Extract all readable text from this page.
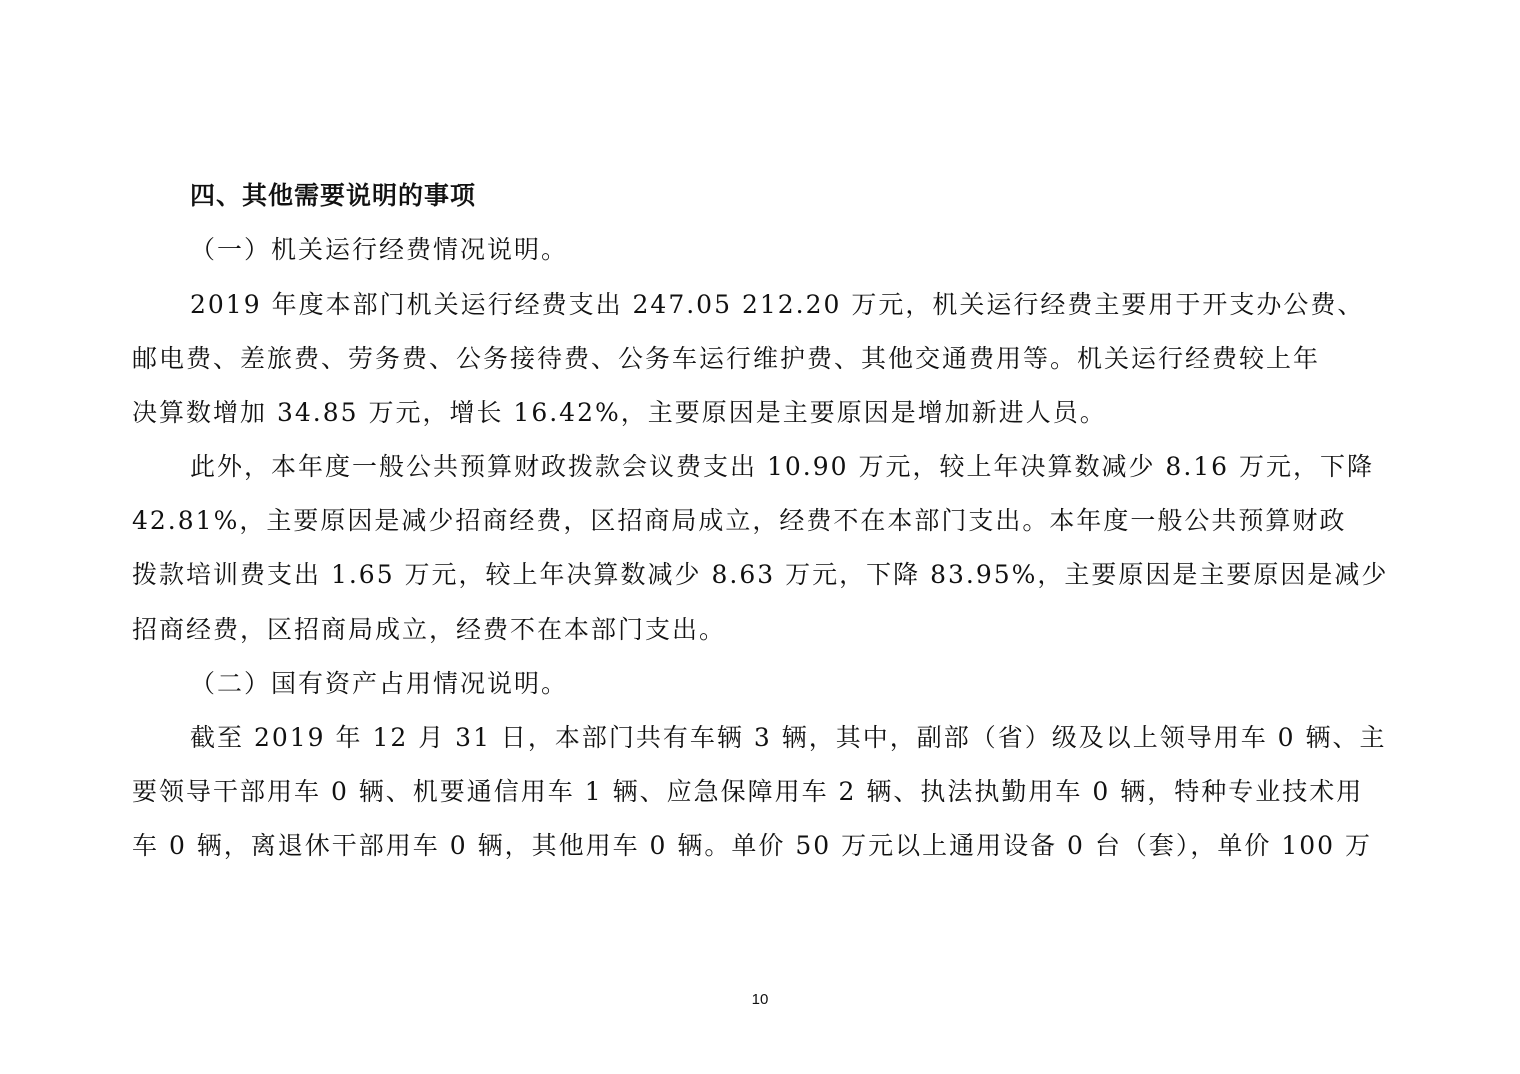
四、其他需要说明的事项
（一）机关运行经费情况说明。
2019 年度本部门机关运行经费支出 247.05 212.20 万元，机关运行经费主要用于开支办公费、
邮电费、差旅费、劳务费、公务接待费、公务车运行维护费、其他交通费用等。机关运行经费较上年
决算数增加 34.85 万元，增长 16.42%，主要原因是主要原因是增加新进人员。
此外，本年度一般公共预算财政拨款会议费支出 10.90 万元，较上年决算数减少 8.16 万元，下降
42.81%，主要原因是减少招商经费，区招商局成立，经费不在本部门支出。本年度一般公共预算财政
拨款培训费支出 1.65 万元，较上年决算数减少 8.63 万元，下降 83.95%，主要原因是主要原因是减少
招商经费，区招商局成立，经费不在本部门支出。
（二）国有资产占用情况说明。
截至 2019 年 12 月 31 日，本部门共有车辆 3 辆，其中，副部（省）级及以上领导用车 0 辆、主
要领导干部用车 0 辆、机要通信用车 1 辆、应急保障用车 2 辆、执法执勤用车 0 辆，特种专业技术用
车 0 辆，离退休干部用车 0 辆，其他用车 0 辆。单价 50 万元以上通用设备 0 台（套），单价 100 万
10
